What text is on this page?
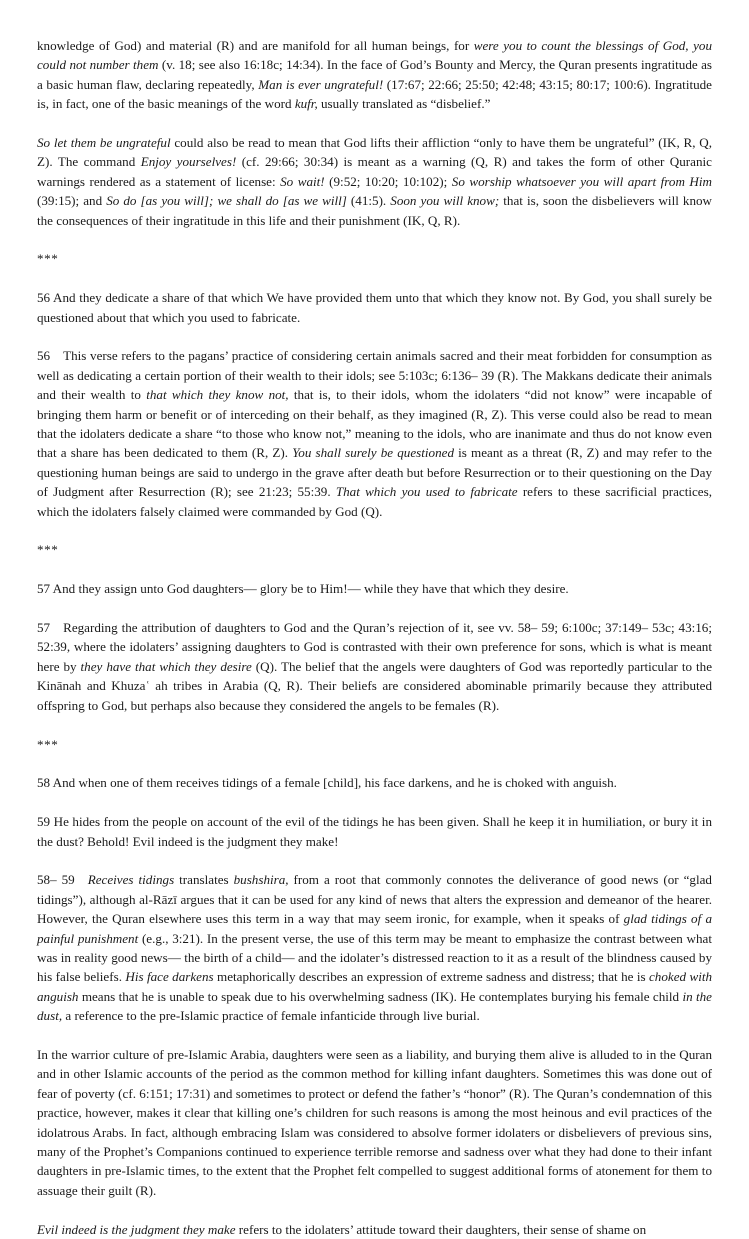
knowledge of God) and material (R) and are manifold for all human beings, for were you to count the blessings of God, you could not number them (v. 18; see also 16:18c; 14:34). In the face of God’s Bounty and Mercy, the Quran presents ingratitude as a basic human flaw, declaring repeatedly, Man is ever ungrateful! (17:67; 22:66; 25:50; 42:48; 43:15; 80:17; 100:6). Ingratitude is, in fact, one of the basic meanings of the word kufr, usually translated as “disbelief.”

So let them be ungrateful could also be read to mean that God lifts their affliction “only to have them be ungrateful” (IK, R, Q, Z). The command Enjoy yourselves! (cf. 29:66; 30:34) is meant as a warning (Q, R) and takes the form of other Quranic warnings rendered as a statement of license: So wait! (9:52; 10:20; 10:102); So worship whatsoever you will apart from Him (39:15); and So do [as you will]; we shall do [as we will] (41:5). Soon you will know; that is, soon the disbelievers will know the consequences of their ingratitude in this life and their punishment (IK, Q, R).

***

56 And they dedicate a share of that which We have provided them unto that which they know not. By God, you shall surely be questioned about that which you used to fabricate.

56 This verse refers to the pagans’ practice of considering certain animals sacred and their meat forbidden for consumption as well as dedicating a certain portion of their wealth to their idols; see 5:103c; 6:136– 39 (R). The Makkans dedicate their animals and their wealth to that which they know not, that is, to their idols, whom the idolaters “did not know” were incapable of bringing them harm or benefit or of interceding on their behalf, as they imagined (R, Z). This verse could also be read to mean that the idolaters dedicate a share “to those who know not,” meaning to the idols, who are inanimate and thus do not know even that a share has been dedicated to them (R, Z). You shall surely be questioned is meant as a threat (R, Z) and may refer to the questioning human beings are said to undergo in the grave after death but before Resurrection or to their questioning on the Day of Judgment after Resurrection (R); see 21:23; 55:39. That which you used to fabricate refers to these sacrificial practices, which the idolaters falsely claimed were commanded by God (Q).

***

57 And they assign unto God daughters— glory be to Him!— while they have that which they desire.

57 Regarding the attribution of daughters to God and the Quran’s rejection of it, see vv. 58– 59; 6:100c; 37:149– 53c; 43:16; 52:39, where the idolaters’ assigning daughters to God is contrasted with their own preference for sons, which is what is meant here by they have that which they desire (Q). The belief that the angels were daughters of God was reportedly particular to the Kinānah and Khuzaʿ ah tribes in Arabia (Q, R). Their beliefs are considered abominable primarily because they attributed offspring to God, but perhaps also because they considered the angels to be females (R).

***

58 And when one of them receives tidings of a female [child], his face darkens, and he is choked with anguish.

59 He hides from the people on account of the evil of the tidings he has been given. Shall he keep it in humiliation, or bury it in the dust? Behold! Evil indeed is the judgment they make!

58– 59 Receives tidings translates bushshira, from a root that commonly connotes the deliverance of good news (or “glad tidings”), although al-Rāzī argues that it can be used for any kind of news that alters the expression and demeanor of the hearer. However, the Quran elsewhere uses this term in a way that may seem ironic, for example, when it speaks of glad tidings of a painful punishment (e.g., 3:21). In the present verse, the use of this term may be meant to emphasize the contrast between what was in reality good news— the birth of a child— and the idolater’s distressed reaction to it as a result of the blindness caused by his false beliefs. His face darkens metaphorically describes an expression of extreme sadness and distress; that he is choked with anguish means that he is unable to speak due to his overwhelming sadness (IK). He contemplates burying his female child in the dust, a reference to the pre-Islamic practice of female infanticide through live burial.

In the warrior culture of pre-Islamic Arabia, daughters were seen as a liability, and burying them alive is alluded to in the Quran and in other Islamic accounts of the period as the common method for killing infant daughters. Sometimes this was done out of fear of poverty (cf. 6:151; 17:31) and sometimes to protect or defend the father’s “honor” (R). The Quran’s condemnation of this practice, however, makes it clear that killing one’s children for such reasons is among the most heinous and evil practices of the idolatrous Arabs. In fact, although embracing Islam was considered to absolve former idolaters or disbelievers of previous sins, many of the Prophet’s Companions continued to experience terrible remorse and sadness over what they had done to their infant daughters in pre-Islamic times, to the extent that the Prophet felt compelled to suggest additional forms of atonement for them to assuage their guilt (R).

Evil indeed is the judgment they make refers to the idolaters’ attitude toward their daughters, their sense of shame on
